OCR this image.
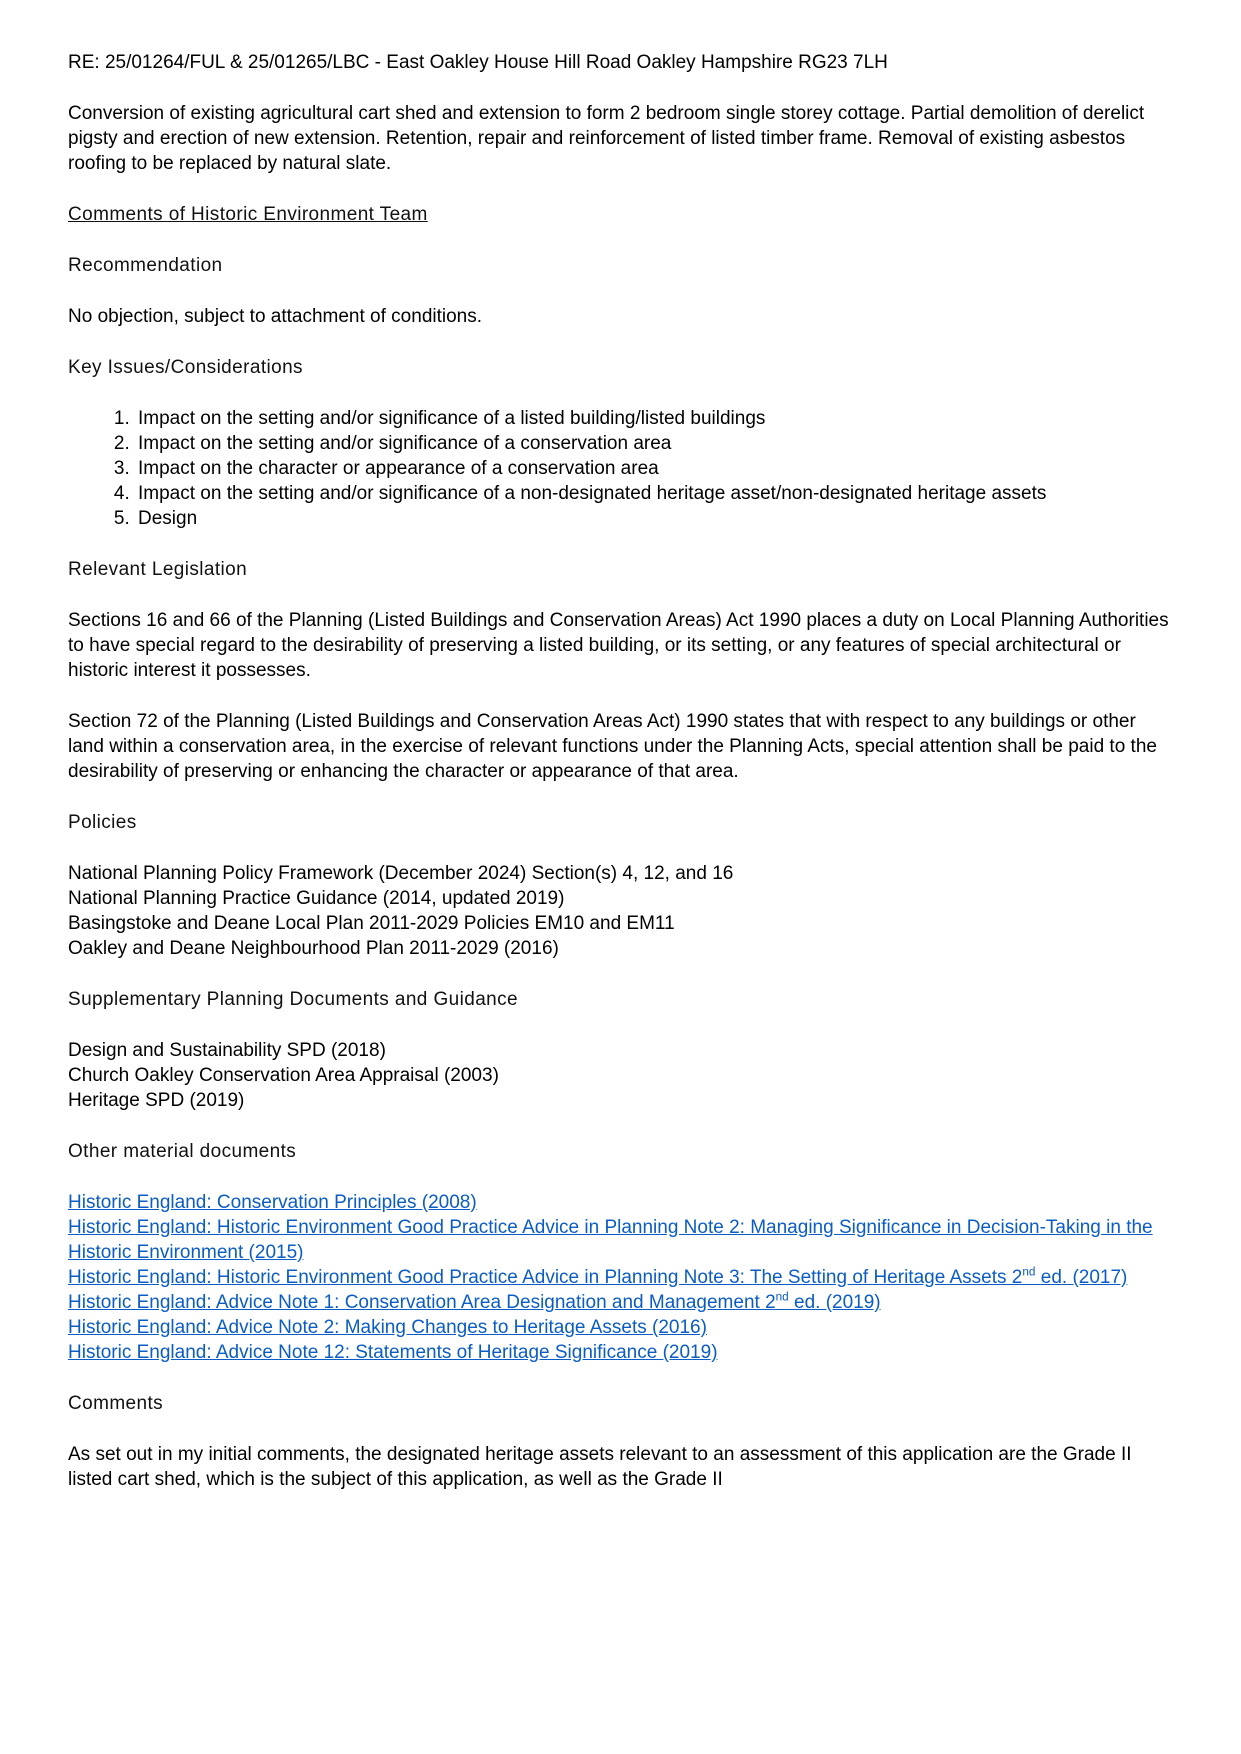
RE: 25/01264/FUL & 25/01265/LBC - East Oakley House Hill Road Oakley Hampshire RG23 7LH

Conversion of existing agricultural cart shed and extension to form 2 bedroom single storey cottage. Partial demolition of derelict pigsty and erection of new extension. Retention, repair and reinforcement of listed timber frame. Removal of existing asbestos roofing to be replaced by natural slate.

Comments of Historic Environment Team

Recommendation

No objection, subject to attachment of conditions.

Key Issues/Considerations

1. Impact on the setting and/or significance of a listed building/listed buildings
2. Impact on the setting and/or significance of a conservation area
3. Impact on the character or appearance of a conservation area
4. Impact on the setting and/or significance of a non-designated heritage asset/non-designated heritage assets
5. Design

Relevant Legislation

Sections 16 and 66 of the Planning (Listed Buildings and Conservation Areas) Act 1990 places a duty on Local Planning Authorities to have special regard to the desirability of preserving a listed building, or its setting, or any features of special architectural or historic interest it possesses.

Section 72 of the Planning (Listed Buildings and Conservation Areas Act) 1990 states that with respect to any buildings or other land within a conservation area, in the exercise of relevant functions under the Planning Acts, special attention shall be paid to the desirability of preserving or enhancing the character or appearance of that area.

Policies

National Planning Policy Framework (December 2024) Section(s) 4, 12, and 16
National Planning Practice Guidance (2014, updated 2019)
Basingstoke and Deane Local Plan 2011-2029 Policies EM10 and EM11
Oakley and Deane Neighbourhood Plan 2011-2029 (2016)

Supplementary Planning Documents and Guidance

Design and Sustainability SPD (2018)
Church Oakley Conservation Area Appraisal (2003)
Heritage SPD (2019)

Other material documents

Historic England: Conservation Principles (2008)
Historic England: Historic Environment Good Practice Advice in Planning Note 2: Managing Significance in Decision-Taking in the Historic Environment (2015)
Historic England: Historic Environment Good Practice Advice in Planning Note 3: The Setting of Heritage Assets 2nd ed. (2017)
Historic England: Advice Note 1: Conservation Area Designation and Management 2nd ed. (2019)
Historic England: Advice Note 2: Making Changes to Heritage Assets (2016)
Historic England: Advice Note 12: Statements of Heritage Significance (2019)

Comments

As set out in my initial comments, the designated heritage assets relevant to an assessment of this application are the Grade II listed cart shed, which is the subject of this application, as well as the Grade II
